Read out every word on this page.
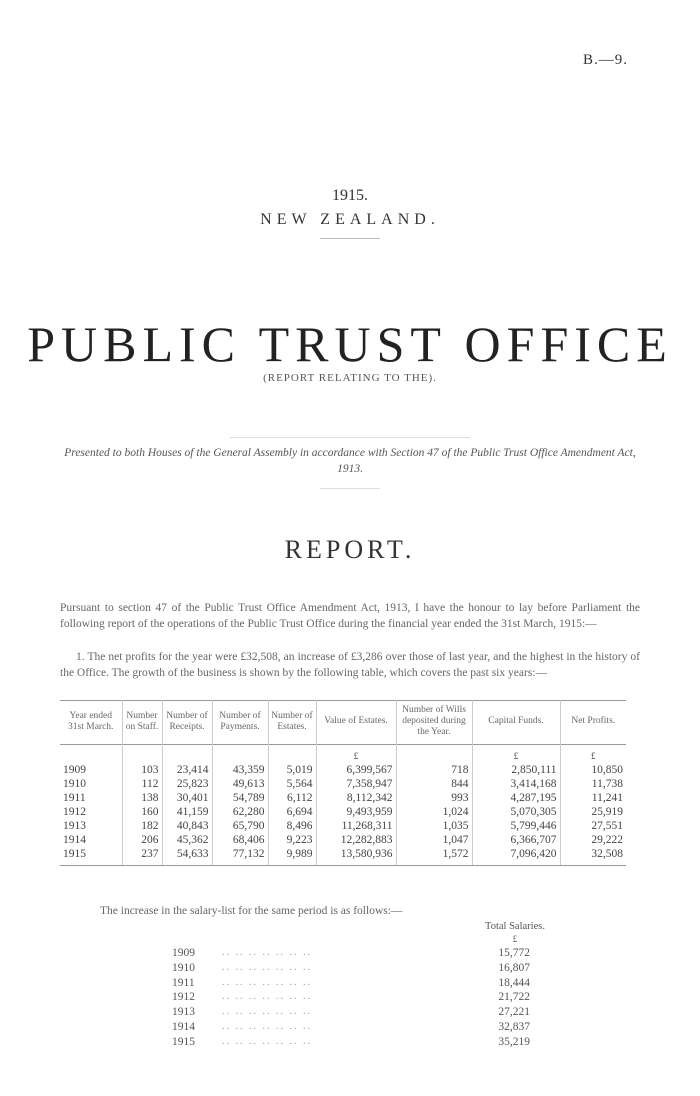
B.—9.
1915.
NEW ZEALAND.
PUBLIC TRUST OFFICE
(REPORT RELATING TO THE).
Presented to both Houses of the General Assembly in accordance with Section 47 of the Public Trust Office Amendment Act, 1913.
REPORT.

Pursuant to section 47 of the Public Trust Office Amendment Act, 1913, I have the honour to lay before Parliament the following report of the operations of the Public Trust Office during the financial year ended the 31st March, 1915:—

1. The net profits for the year were £32,508, an increase of £3,286 over those of last year, and the highest in the history of the Office. The growth of the business is shown by the following table, which covers the past six years:—

Year ended 31st March.	Number on Staff.	Number of Receipts.	Number of Payments.	Number of Estates.	Value of Estates.	Number of Wills deposited during the Year.	Capital Funds.	Net Profits.
					£		£	£
1909	103	23,414	43,359	5,019	6,399,567	718	2,850,111	10,850
1910	112	25,823	49,613	5,564	7,358,947	844	3,414,168	11,738
1911	138	30,401	54,789	6,112	8,112,342	993	4,287,195	11,241
1912	160	41,159	62,280	6,694	9,493,959	1,024	5,070,305	25,919
1913	182	40,843	65,790	8,496	11,268,311	1,035	5,799,446	27,551
1914	206	45,362	68,406	9,223	12,282,883	1,047	6,366,707	29,222
1915	237	54,633	77,132	9,989	13,580,936	1,572	7,096,420	32,508
The increase in the salary-list for the same period is as follows:—
Total Salaries.
£
1909	.. .. .. .. .. .. ..	15,772
1910	.. .. .. .. .. .. ..	16,807
1911	.. .. .. .. .. .. ..	18,444
1912	.. .. .. .. .. .. ..	21,722
1913	.. .. .. .. .. .. ..	27,221
1914	.. .. .. .. .. .. ..	32,837
1915	.. .. .. .. .. .. ..	35,219
